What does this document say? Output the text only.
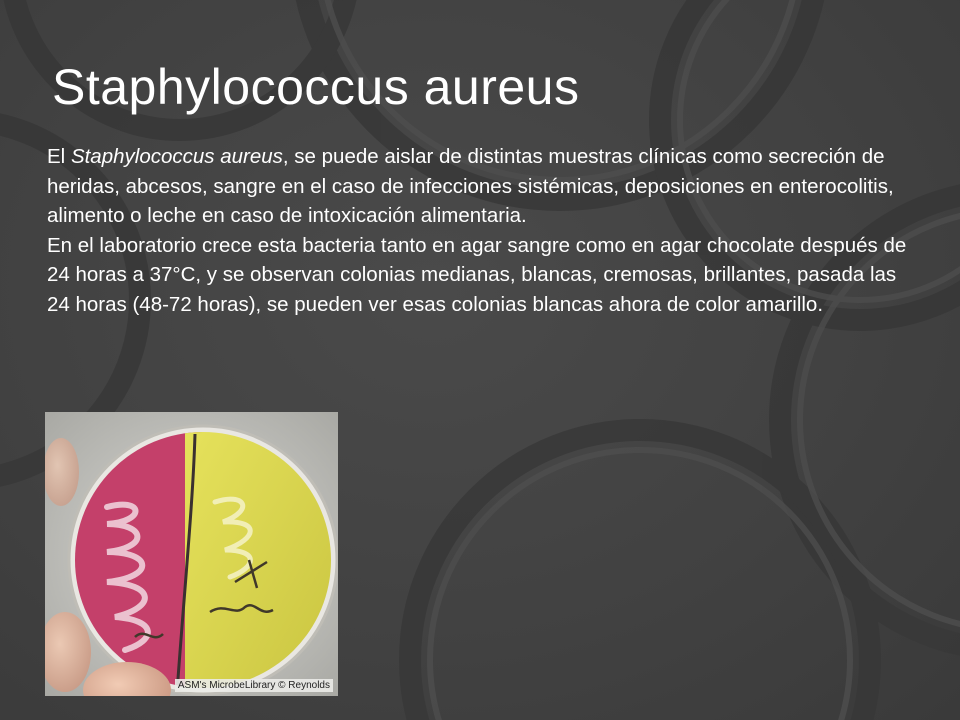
Staphylococcus aureus

El Staphylococcus aureus, se puede aislar de distintas muestras clínicas como secreción de heridas, abcesos, sangre en el caso de infecciones sistémicas, deposiciones en enterocolitis, alimento o leche en caso de intoxicación alimentaria.

En el laboratorio crece esta bacteria tanto en agar sangre como en agar chocolate después de 24 horas a 37°C, y se observan colonias medianas, blancas, cremosas, brillantes, pasada las 24 horas (48-72 horas), se pueden ver esas colonias blancas ahora de color amarillo.

ASM's MicrobeLibrary © Reynolds
